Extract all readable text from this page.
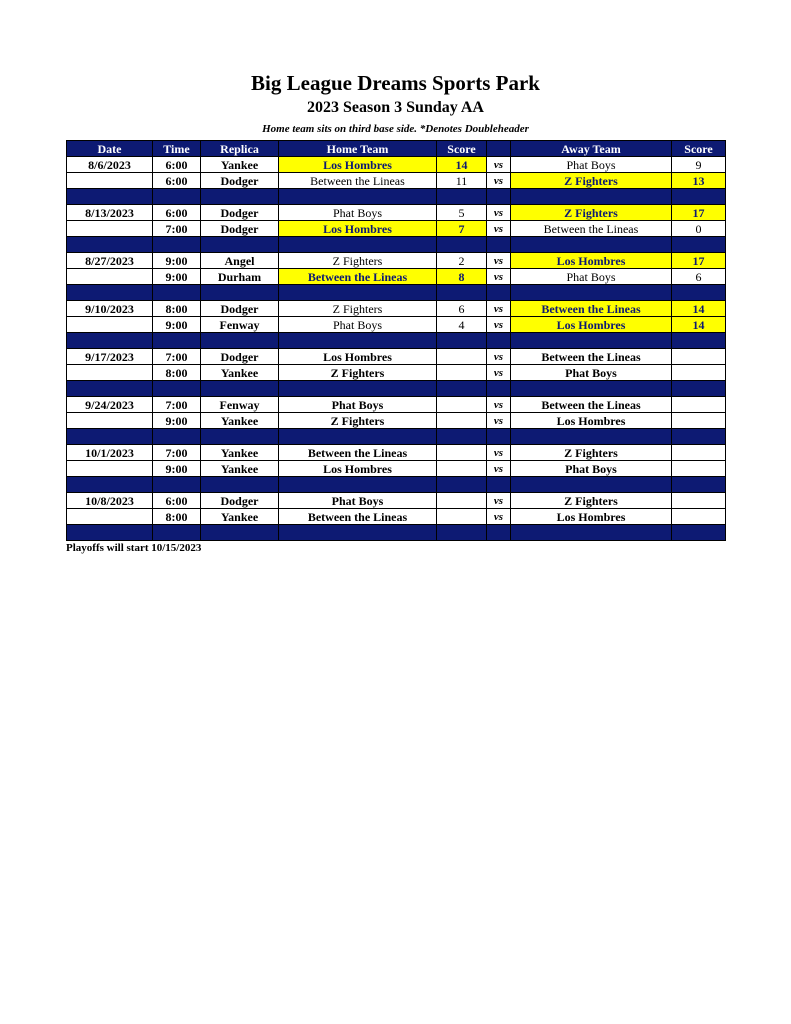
Big League Dreams Sports Park
2023 Season 3 Sunday AA
Home team sits on third base side. *Denotes Doubleheader
Date	Time	Replica	Home Team	Score		Away Team	Score
8/6/2023	6:00	Yankee	Los Hombres	14	vs	Phat Boys	9
	6:00	Dodger	Between the Lineas	11	vs	Z Fighters	13

8/13/2023	6:00	Dodger	Phat Boys	5	vs	Z Fighters	17
	7:00	Dodger	Los Hombres	7	vs	Between the Lineas	0

8/27/2023	9:00	Angel	Z Fighters	2	vs	Los Hombres	17
	9:00	Durham	Between the Lineas	8	vs	Phat Boys	6

9/10/2023	8:00	Dodger	Z Fighters	6	vs	Between the Lineas	14
	9:00	Fenway	Phat Boys	4	vs	Los Hombres	14

9/17/2023	7:00	Dodger	Los Hombres		vs	Between the Lineas	
	8:00	Yankee	Z Fighters		vs	Phat Boys	

9/24/2023	7:00	Fenway	Phat Boys		vs	Between the Lineas	
	9:00	Yankee	Z Fighters		vs	Los Hombres	

10/1/2023	7:00	Yankee	Between the Lineas		vs	Z Fighters	
	9:00	Yankee	Los Hombres		vs	Phat Boys	

10/8/2023	6:00	Dodger	Phat Boys		vs	Z Fighters	
	8:00	Yankee	Between the Lineas		vs	Los Hombres	

Playoffs will start 10/15/2023
